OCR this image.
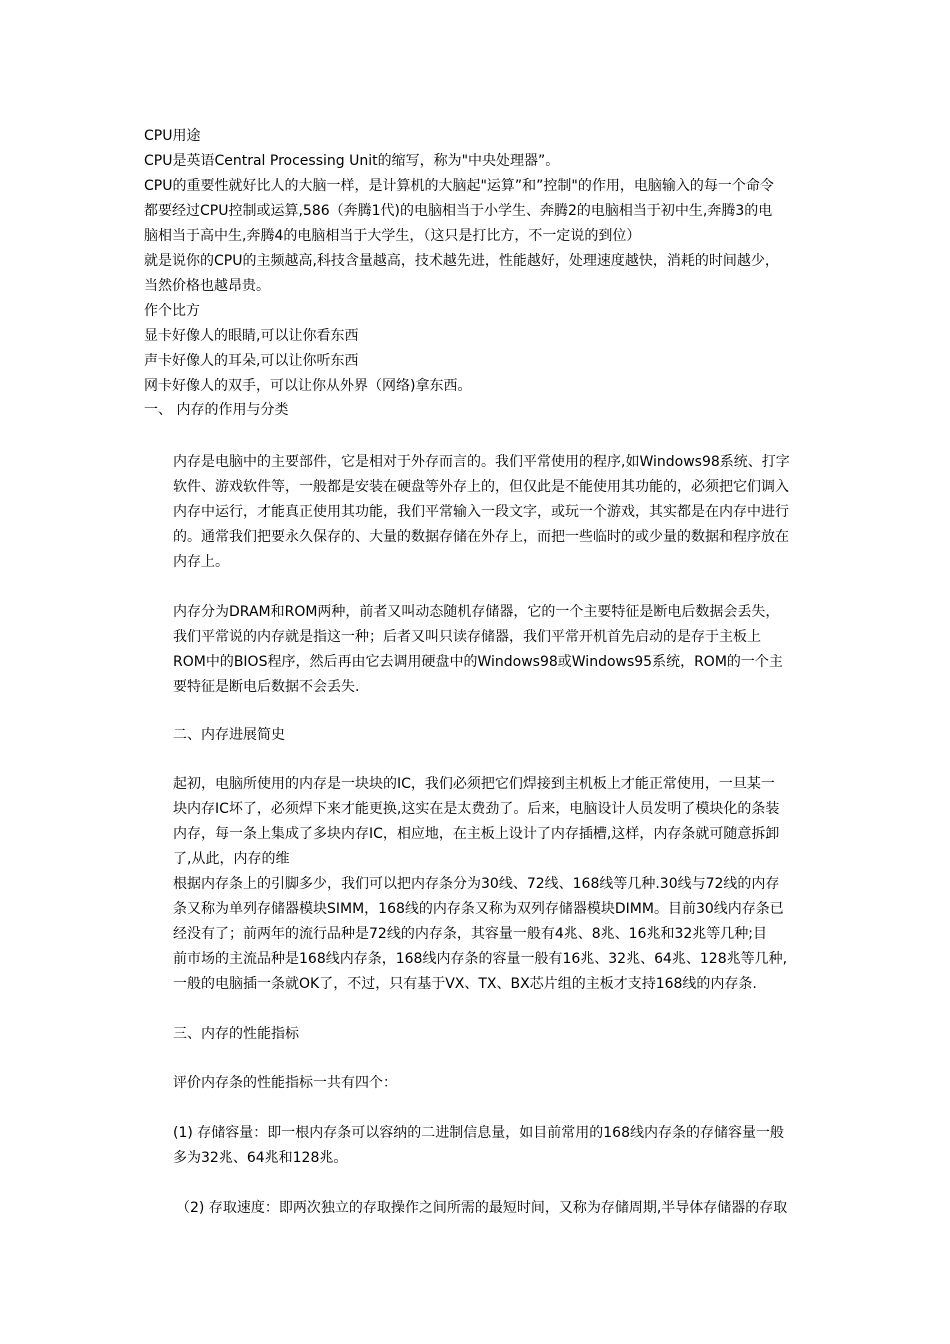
CPU用途
CPU是英语Central Processing Unit的缩写，称为"中央处理器”。
CPU的重要性就好比人的大脑一样，是计算机的大脑起"运算”和”控制"的作用，电脑输入的每一个命令
都要经过CPU控制或运算,586（奔腾1代)的电脑相当于小学生、奔腾2的电脑相当于初中生,奔腾3的电
脑相当于高中生,奔腾4的电脑相当于大学生，（这只是打比方，不一定说的到位）
就是说你的CPU的主频越高,科技含量越高，技术越先进，性能越好，处理速度越快，消耗的时间越少，
当然价格也越昂贵。
作个比方
显卡好像人的眼睛,可以让你看东西
声卡好像人的耳朵,可以让你听东西
网卡好像人的双手，可以让你从外界（网络)拿东西。
一、 内存的作用与分类
内存是电脑中的主要部件，它是相对于外存而言的。我们平常使用的程序,如Windows98系统、打字
软件、游戏软件等，一般都是安装在硬盘等外存上的，但仅此是不能使用其功能的，必须把它们调入
内存中运行，才能真正使用其功能，我们平常输入一段文字，或玩一个游戏，其实都是在内存中进行
的。通常我们把要永久保存的、大量的数据存储在外存上，而把一些临时的或少量的数据和程序放在
内存上。
内存分为DRAM和ROM两种，前者又叫动态随机存储器，它的一个主要特征是断电后数据会丢失，
我们平常说的内存就是指这一种；后者又叫只读存储器，我们平常开机首先启动的是存于主板上
ROM中的BIOS程序，然后再由它去调用硬盘中的Windows98或Windows95系统，ROM的一个主
要特征是断电后数据不会丢失.
二、内存进展简史
起初，电脑所使用的内存是一块块的IC，我们必须把它们焊接到主机板上才能正常使用，一旦某一
块内存IC坏了，必须焊下来才能更换,这实在是太费劲了。后来，电脑设计人员发明了模块化的条装
内存，每一条上集成了多块内存IC，相应地，在主板上设计了内存插槽,这样，内存条就可随意拆卸
了,从此，内存的维
根据内存条上的引脚多少，我们可以把内存条分为30线、72线、168线等几种.30线与72线的内存
条又称为单列存储器模块SIMM，168线的内存条又称为双列存储器模块DIMM。目前30线内存条已
经没有了；前两年的流行品种是72线的内存条，其容量一般有4兆、8兆、16兆和32兆等几种;目
前市场的主流品种是168线内存条，168线内存条的容量一般有16兆、32兆、64兆、128兆等几种,
一般的电脑插一条就OK了，不过，只有基于VX、TX、BX芯片组的主板才支持168线的内存条.
三、内存的性能指标
评价内存条的性能指标一共有四个：
(1) 存储容量：即一根内存条可以容纳的二进制信息量，如目前常用的168线内存条的存储容量一般
多为32兆、64兆和128兆。
（2) 存取速度：即两次独立的存取操作之间所需的最短时间，又称为存储周期,半导体存储器的存取
